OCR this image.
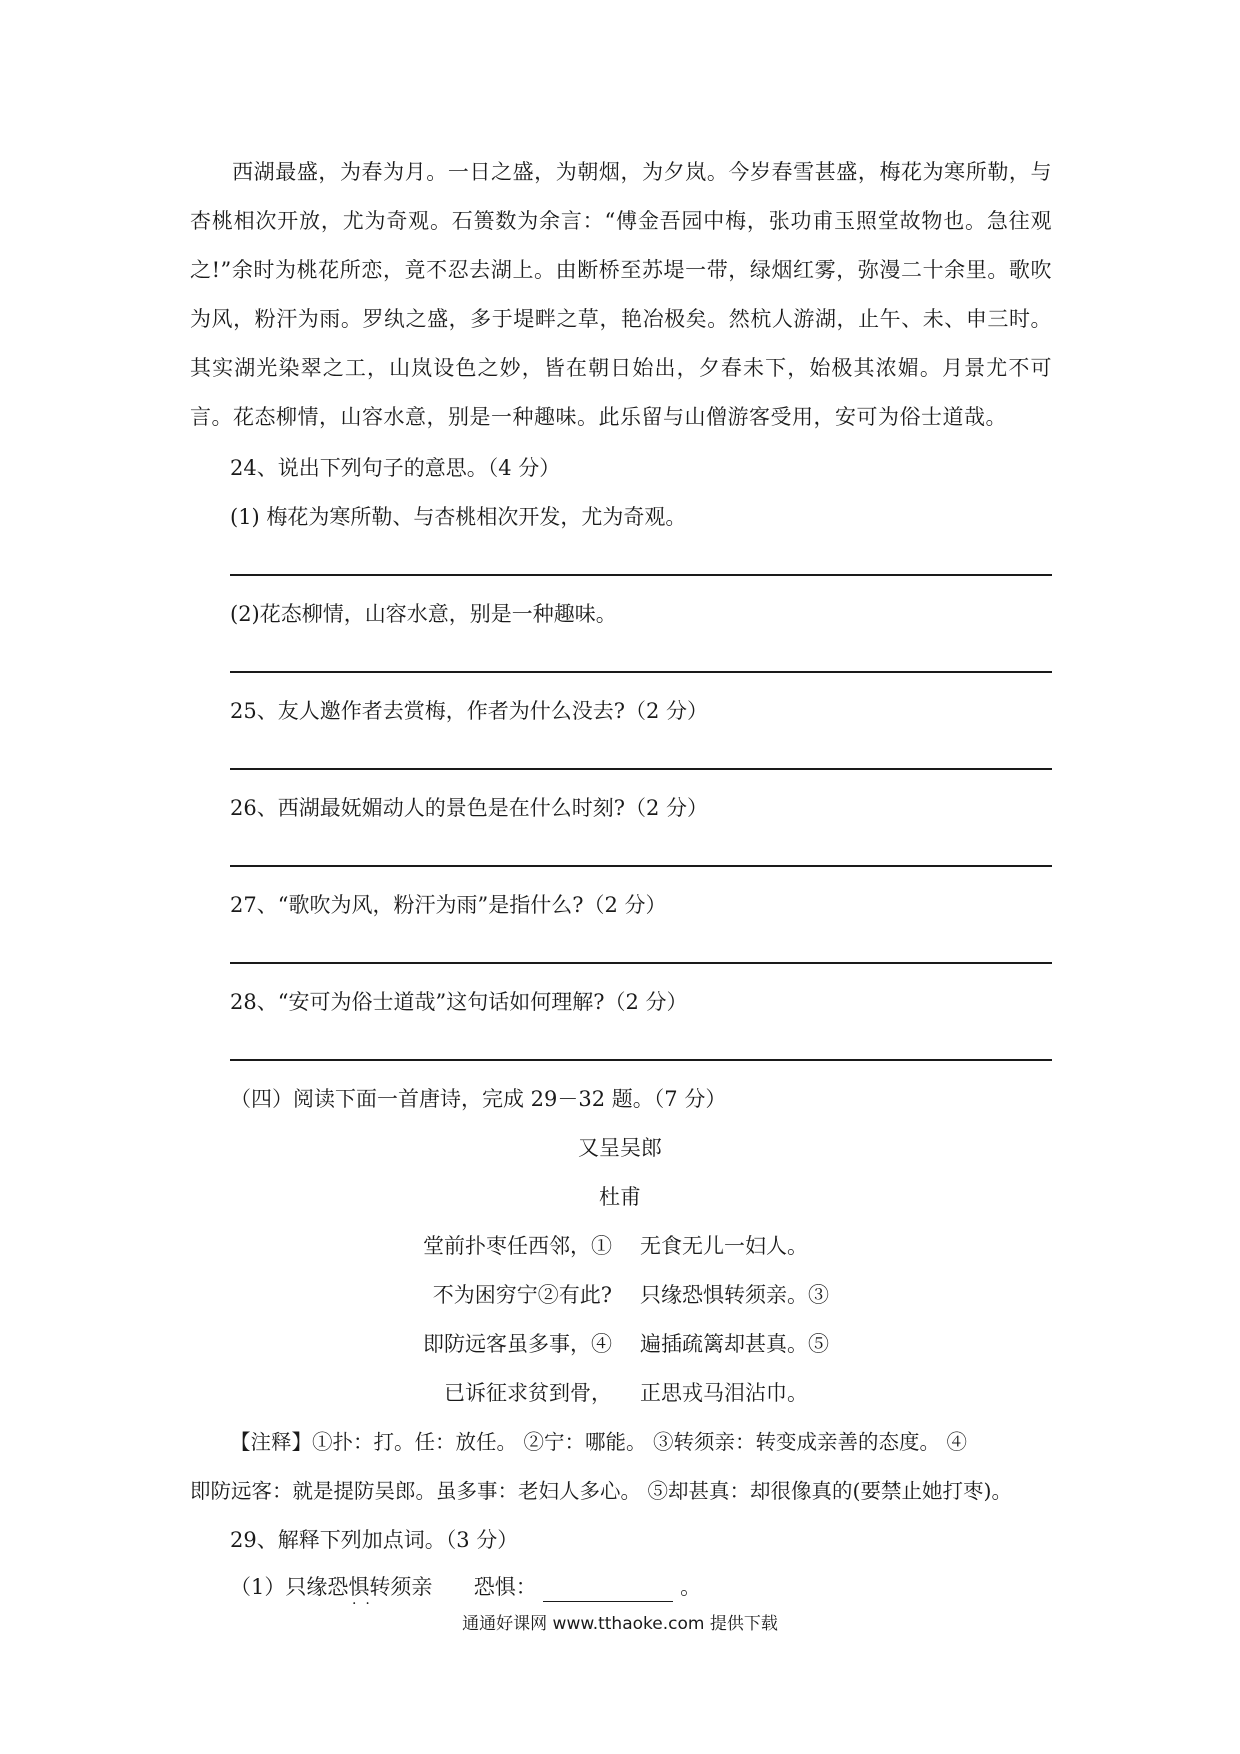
西湖最盛，为春为月。一日之盛，为朝烟，为夕岚。今岁春雪甚盛，梅花为寒所勒，与杏桃相次开放，尤为奇观。石篑数为余言：“傅金吾园中梅，张功甫玉照堂故物也。急往观之!”余时为桃花所恋，竟不忍去湖上。由断桥至苏堤一带，绿烟红雾，弥漫二十余里。歌吹为风，粉汗为雨。罗纨之盛，多于堤畔之草，艳冶极矣。然杭人游湖，止午、未、申三时。其实湖光染翠之工，山岚设色之妙，皆在朝日始出，夕春未下，始极其浓媚。月景尤不可言。花态柳情，山容水意，别是一种趣味。此乐留与山僧游客受用，安可为俗士道哉。

24、说出下列句子的意思。（4 分）
(1) 梅花为寒所勒、与杏桃相次开发，尤为奇观。
(2)花态柳情，山容水意，别是一种趣味。
25、友人邀作者去赏梅，作者为什么没去?（2 分）
26、西湖最妩媚动人的景色是在什么时刻?（2 分）
27、“歌吹为风，粉汗为雨”是指什么?（2 分）
28、“安可为俗士道哉”这句话如何理解?（2 分）
（四）阅读下面一首唐诗，完成 29－32 题。（7 分）
又呈吴郎
杜甫
堂前扑枣任西邻，① 无食无儿一妇人。
不为困穷宁②有此? 只缘恐惧转须亲。③
即防远客虽多事，④ 遍插疏篱却甚真。⑤
已诉征求贫到骨， 正思戎马泪沾巾。
【注释】①扑：打。任：放任。 ②宁：哪能。 ③转须亲：转变成亲善的态度。 ④
即防远客：就是提防吴郎。虽多事：老妇人多心。 ⑤却甚真：却很像真的(要禁止她打枣)。
29、解释下列加点词。（3 分）
（1）只缘恐惧转须亲 恐惧：	。
·  ·
通通好课网 www.tthaoke.com 提供下载
